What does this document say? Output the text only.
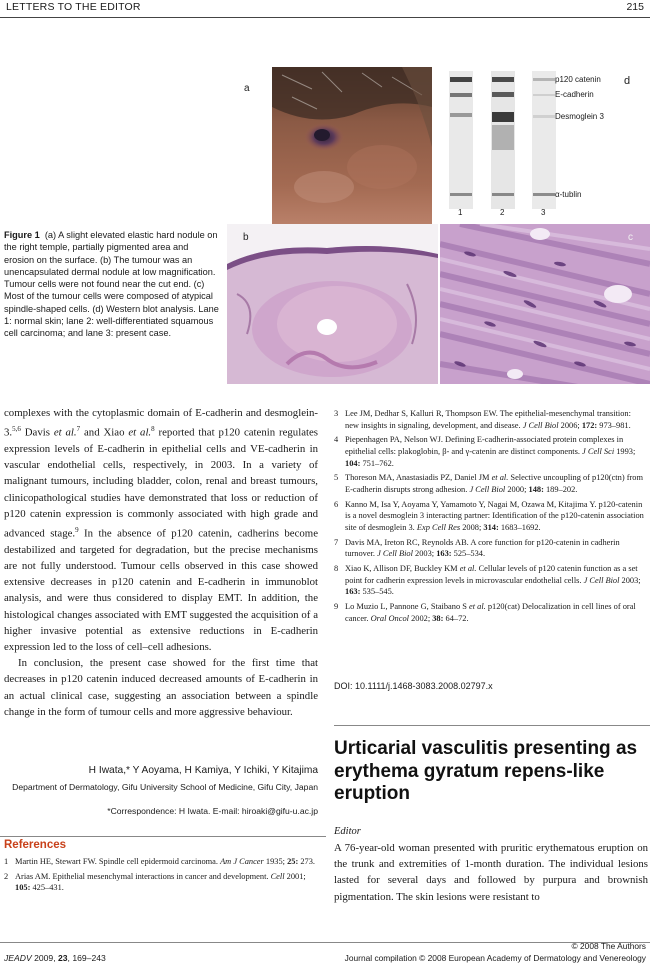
LETTERS TO THE EDITOR	215
a
p120 catenin
E-cadherin
Desmoglein 3
α-tublin
1	2	3
d
Figure 1 (a) A slight elevated elastic hard nodule on the right temple, partially pigmented area and erosion on the surface. (b) The tumour was an unencapsulated dermal nodule at low magnification. Tumour cells were not found near the cut end. (c) Most of the tumour cells were composed of atypical spindle-shaped cells. (d) Western blot analysis. Lane 1: normal skin; lane 2: well-differentiated squamous cell carcinoma; and lane 3: present case.
b	c

complexes with the cytoplasmic domain of E-cadherin and desmoglein-3.$^{5,6}$ Davis et al.$^7$ and Xiao et al.$^8$ reported that p120 catenin regulates expression levels of E-cadherin in epithelial cells and VE-cadherin in vascular endothelial cells, respectively, in 2003. In a variety of malignant tumours, including bladder, colon, renal and breast tumours, clinicopathological studies have demonstrated that loss or reduction of p120 catenin expression is commonly associated with high grade and advanced stage.$^9$ In the absence of p120 catenin, cadherins become destabilized and targeted for degradation, but the precise mechanisms are not fully understood. Tumour cells observed in this case showed extensive decreases in p120 catenin and E-cadherin in immunoblot analysis, and were thus considered to display EMT. In addition, the histological changes associated with EMT suggested the acquisition of a higher invasive potential as extensive reductions in E-cadherin expression led to the loss of cell–cell adhesions.

In conclusion, the present case showed for the first time that decreases in p120 catenin induced decreased amounts of E-cadherin in an actual clinical case, suggesting an association between a spindle change in the form of tumour cells and more aggressive behaviour.

H Iwata,* Y Aoyama, H Kamiya, Y Ichiki, Y Kitajima
Department of Dermatology, Gifu University School of Medicine, Gifu City, Japan
*Correspondence: H Iwata. E-mail: hiroaki@gifu-u.ac.jp
References
1 Martin HE, Stewart FW. Spindle cell epidermoid carcinoma. Am J Cancer 1935; 25: 273.
2 Arias AM. Epithelial mesenchymal interactions in cancer and development. Cell 2001; 105: 425–431.
3 Lee JM, Dedhar S, Kalluri R, Thompson EW. The epithelial-mesenchymal transition: new insights in signaling, development, and disease. J Cell Biol 2006; 172: 973–981.
4 Piepenhagen PA, Nelson WJ. Defining E-cadherin-associated protein complexes in epithelial cells: plakoglobin, β- and γ-catenin are distinct components. J Cell Sci 1993; 104: 751–762.
5 Thoreson MA, Anastasiadis PZ, Daniel JM et al. Selective uncoupling of p120(ctn) from E-cadherin disrupts strong adhesion. J Cell Biol 2000; 148: 189–202.
6 Kanno M, Isa Y, Aoyama Y, Yamamoto Y, Nagai M, Ozawa M, Kitajima Y. p120-catenin is a novel desmoglein 3 interacting partner: Identification of the p120-catenin association site of desmoglein 3. Exp Cell Res 2008; 314: 1683–1692.
7 Davis MA, Ireton RC, Reynolds AB. A core function for p120-catenin in cadherin turnover. J Cell Biol 2003; 163: 525–534.
8 Xiao K, Allison DF, Buckley KM et al. Cellular levels of p120 catenin function as a set point for cadherin expression levels in microvascular endothelial cells. J Cell Biol 2003; 163: 535–545.
9 Lo Muzio L, Pannone G, Staibano S et al. p120(cat) Delocalization in cell lines of oral cancer. Oral Oncol 2002; 38: 64–72.
DOI: 10.1111/j.1468-3083.2008.02797.x
Urticarial vasculitis presenting as erythema gyratum repens-like eruption
Editor
A 76-year-old woman presented with pruritic erythematous eruption on the trunk and extremities of 1-month duration. The individual lesions lasted for several days and followed by purpura and brownish pigmentation. The skin lesions were resistant to
JEADV 2009, 23, 169–243
© 2008 The Authors
Journal compilation © 2008 European Academy of Dermatology and Venereology
